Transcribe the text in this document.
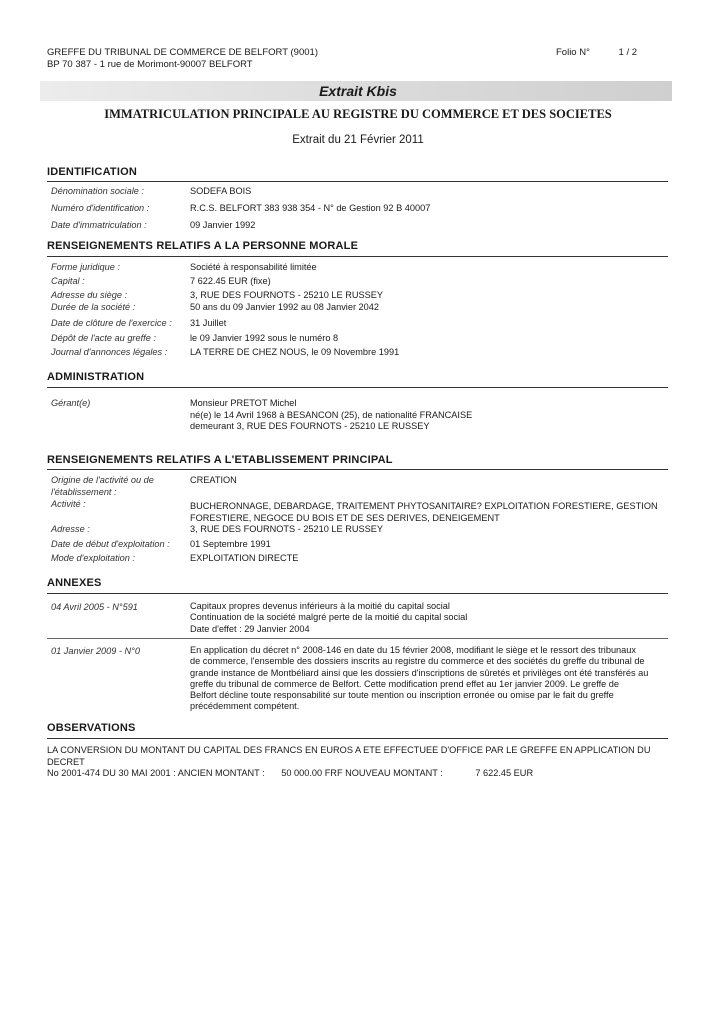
GREFFE DU TRIBUNAL DE COMMERCE DE BELFORT (9001)
BP 70 387 - 1 rue de Morimont-90007 BELFORT
Folio N°	1 / 2
Extrait Kbis
IMMATRICULATION PRINCIPALE AU REGISTRE DU COMMERCE ET DES SOCIETES
Extrait du 21 Février 2011
IDENTIFICATION
Dénomination sociale :	SODEFA BOIS
Numéro d'identification :	R.C.S. BELFORT 383 938 354 - N° de Gestion 92 B 40007
Date d'immatriculation :	09 Janvier 1992
RENSEIGNEMENTS RELATIFS A LA PERSONNE MORALE
Forme juridique :	Société à responsabilité limitée
Capital :	7 622.45 EUR (fixe)
Adresse du siège :	3, RUE DES FOURNOTS - 25210 LE RUSSEY
Durée de la société :	50 ans du 09 Janvier 1992 au 08 Janvier 2042
Date de clôture de l'exercice :	31 Juillet
Dépôt de l'acte au greffe :	le 09 Janvier 1992 sous le numéro 8
Journal d'annonces légales :	LA TERRE DE CHEZ NOUS, le 09 Novembre 1991
ADMINISTRATION
Gérant(e)	Monsieur PRETOT Michel
né(e) le 14 Avril 1968 à BESANCON (25), de nationalité FRANCAISE
demeurant 3, RUE DES FOURNOTS - 25210 LE RUSSEY
RENSEIGNEMENTS RELATIFS A L'ETABLISSEMENT PRINCIPAL
Origine de l'activité ou de
l'établissement :
CREATION
Activité :	BUCHERONNAGE, DEBARDAGE, TRAITEMENT PHYTOSANITAIRE? EXPLOITATION FORESTIERE, GESTION
FORESTIERE, NEGOCE DU BOIS ET DE SES DERIVES, DENEIGEMENT
Adresse :	3, RUE DES FOURNOTS - 25210 LE RUSSEY
Date de début d'exploitation :	01 Septembre 1991
Mode d'exploitation :	EXPLOITATION DIRECTE
ANNEXES
04 Avril 2005 - N°591	Capitaux propres devenus inférieurs à la moitié du capital social
Continuation de la société malgré perte de la moitié du capital social
Date d'effet : 29 Janvier 2004
01 Janvier 2009 - N°0	En application du décret n° 2008-146 en date du 15 février 2008, modifiant le siège et le ressort des tribunaux
de commerce, l'ensemble des dossiers inscrits au registre du commerce et des sociétés du greffe du tribunal de
grande instance de Montbéliard ainsi que les dossiers d'inscriptions de sûretés et privilèges ont été transférés au
greffe du tribunal de commerce de Belfort. Cette modification prend effet au 1er janvier 2009. Le greffe de
Belfort décline toute responsabilité sur toute mention ou inscription erronée ou omise par le fait du greffe
précédemment compétent.
OBSERVATIONS
LA CONVERSION DU MONTANT DU CAPITAL DES FRANCS EN EUROS A ETE EFFECTUEE D'OFFICE PAR LE GREFFE EN APPLICATION DU DECRET
No 2001-474 DU 30 MAI 2001 : ANCIEN MONTANT : 50 000.00 FRF NOUVEAU MONTANT :	7 622.45 EUR
